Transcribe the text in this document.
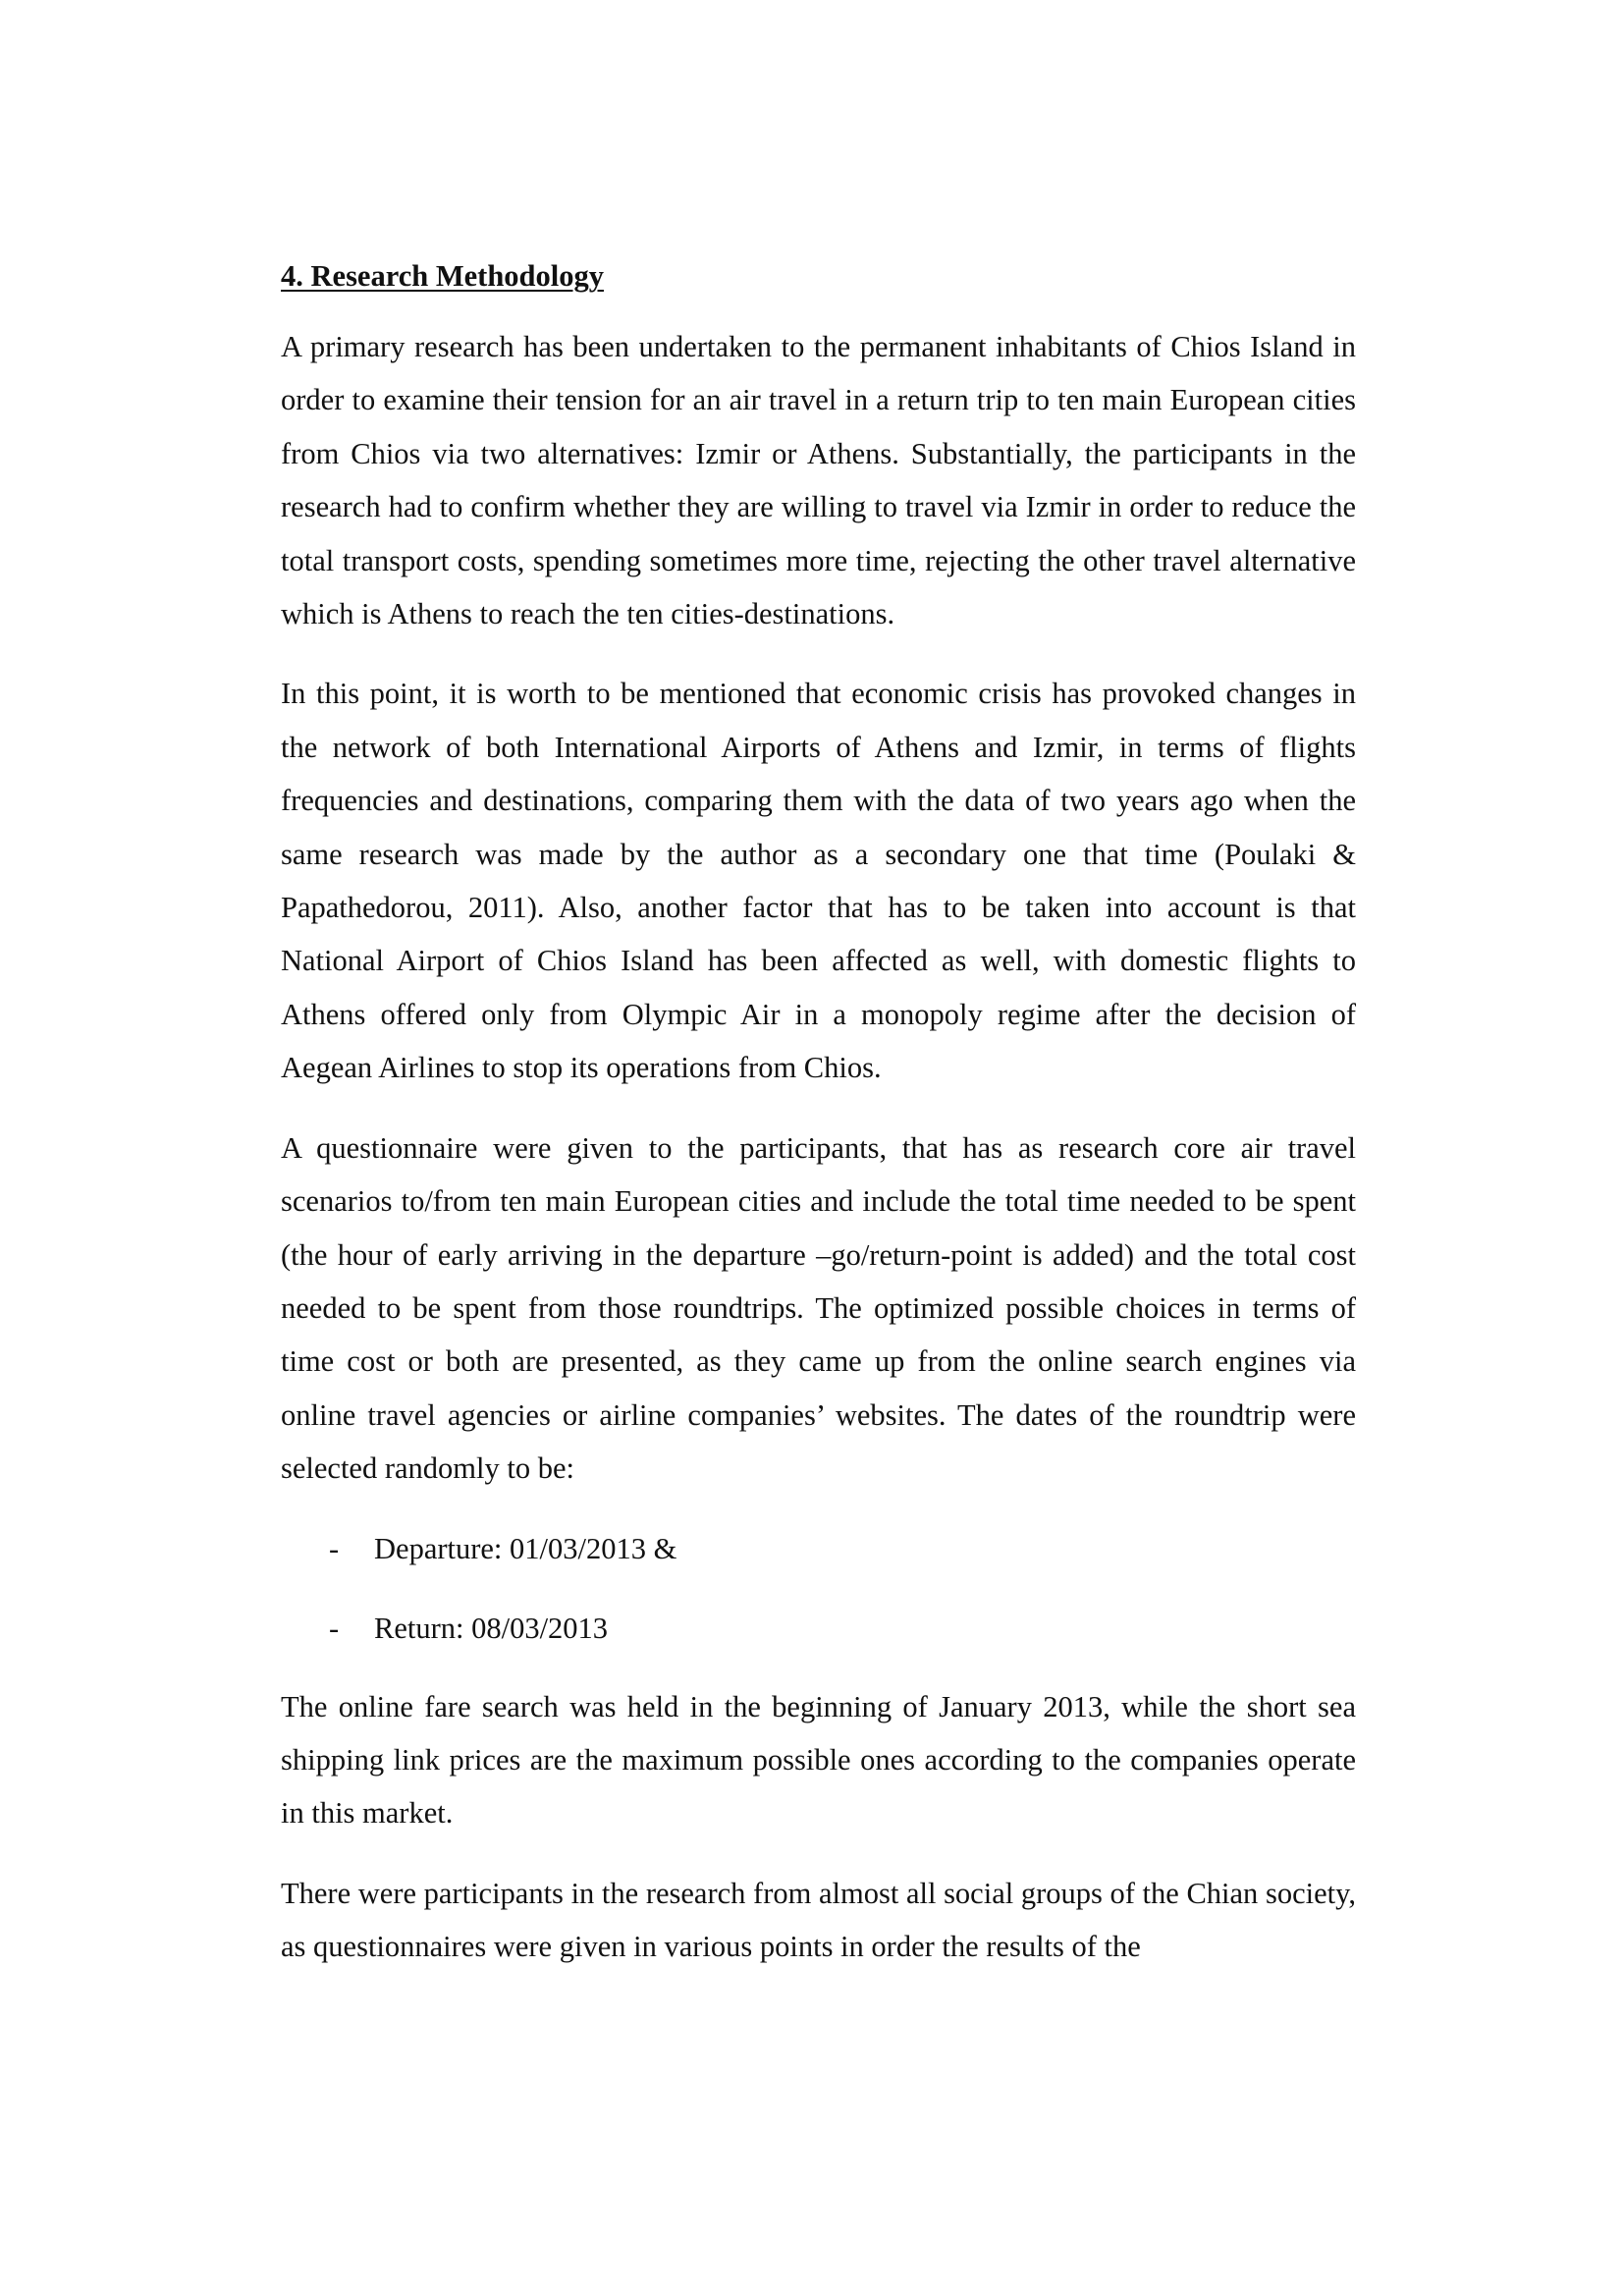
4. Research Methodology

A primary research has been undertaken to the permanent inhabitants of Chios Island in order to examine their tension for an air travel in a return trip to ten main European cities from Chios via two alternatives: Izmir or Athens. Substantially, the participants in the research had to confirm whether they are willing to travel via Izmir in order to reduce the total transport costs, spending sometimes more time, rejecting the other travel alternative which is Athens to reach the ten cities-destinations.

In this point, it is worth to be mentioned that economic crisis has provoked changes in the network of both International Airports of Athens and Izmir, in terms of flights frequencies and destinations, comparing them with the data of two years ago when the same research was made by the author as a secondary one that time (Poulaki & Papathedorou, 2011). Also, another factor that has to be taken into account is that National Airport of Chios Island has been affected as well, with domestic flights to Athens offered only from Olympic Air in a monopoly regime after the decision of Aegean Airlines to stop its operations from Chios.

A questionnaire were given to the participants, that has as research core air travel scenarios to/from ten main European cities and include the total time needed to be spent (the hour of early arriving in the departure –go/return-point is added) and the total cost needed to be spent from those roundtrips. The optimized possible choices in terms of time cost or both are presented, as they came up from the online search engines via online travel agencies or airline companies’ websites. The dates of the roundtrip were selected randomly to be:

- Departure: 01/03/2013 &
- Return: 08/03/2013

The online fare search was held in the beginning of January 2013, while the short sea shipping link prices are the maximum possible ones according to the companies operate in this market.

There were participants in the research from almost all social groups of the Chian society, as questionnaires were given in various points in order the results of the
